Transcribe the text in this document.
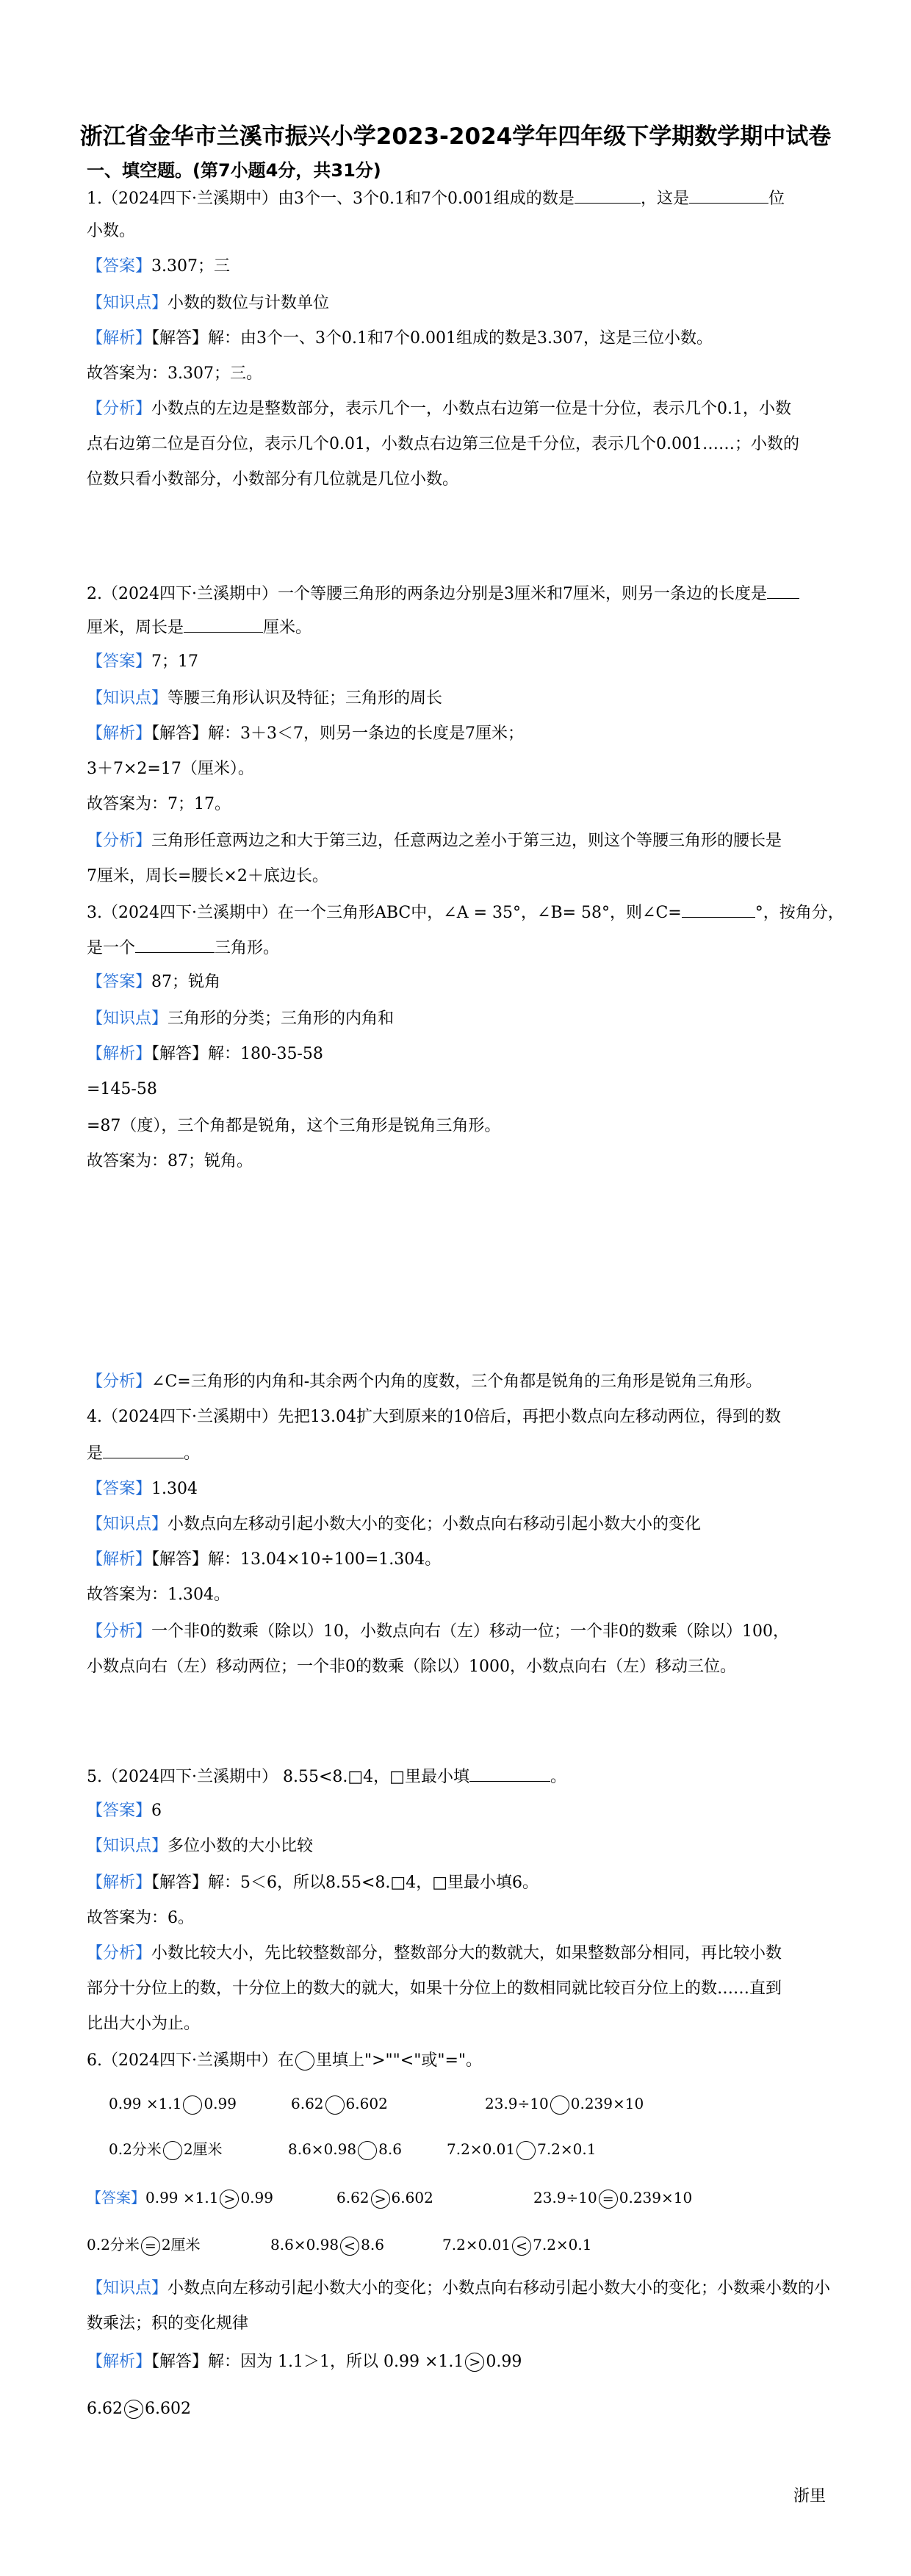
浙江省金华市兰溪市振兴小学2023-2024学年四年级下学期数学期中试卷
一、填空题。(第7小题4分，共31分)
1.（2024四下·兰溪期中）由3个一、3个0.1和7个0.001组成的数是	，这是	位
小数。
【答案】3.307；三
【知识点】小数的数位与计数单位
【解析】【解答】解：由3个一、3个0.1和7个0.001组成的数是3.307，这是三位小数。
故答案为：3.307；三。
【分析】小数点的左边是整数部分，表示几个一，小数点右边第一位是十分位，表示几个0.1，小数
点右边第二位是百分位，表示几个0.01，小数点右边第三位是千分位，表示几个0.001……；小数的
位数只看小数部分，小数部分有几位就是几位小数。
2.（2024四下·兰溪期中）一个等腰三角形的两条边分别是3厘米和7厘米，则另一条边的长度是
厘米，周长是	厘米。
【答案】7；17
【知识点】等腰三角形认识及特征；三角形的周长
【解析】【解答】解：3＋3＜7，则另一条边的长度是7厘米；
3＋7×2=17（厘米）。
故答案为：7；17。
【分析】三角形任意两边之和大于第三边，任意两边之差小于第三边，则这个等腰三角形的腰长是
7厘米，周长=腰长×2＋底边长。
3.（2024四下·兰溪期中）在一个三角形ABC中，∠A = 35°，∠B= 58°，则∠C=	°，按角分，
是一个	三角形。
【答案】87；锐角
【知识点】三角形的分类；三角形的内角和
【解析】【解答】解：180-35-58
=145-58
=87（度），三个角都是锐角，这个三角形是锐角三角形。
故答案为：87；锐角。
【分析】∠C=三角形的内角和-其余两个内角的度数，三个角都是锐角的三角形是锐角三角形。
4.（2024四下·兰溪期中）先把13.04扩大到原来的10倍后，再把小数点向左移动两位，得到的数
是	。
【答案】1.304
【知识点】小数点向左移动引起小数大小的变化；小数点向右移动引起小数大小的变化
【解析】【解答】解：13.04×10÷100=1.304。
故答案为：1.304。
【分析】一个非0的数乘（除以）10，小数点向右（左）移动一位；一个非0的数乘（除以）100，
小数点向右（左）移动两位；一个非0的数乘（除以）1000，小数点向右（左）移动三位。
5.（2024四下·兰溪期中） 8.55<8.□4，□里最小填	。
【答案】6
【知识点】多位小数的大小比较
【解析】【解答】解：5＜6，所以8.55<8.□4，□里最小填6。
故答案为：6。
【分析】小数比较大小，先比较整数部分，整数部分大的数就大，如果整数部分相同，再比较小数
部分十分位上的数，十分位上的数大的就大，如果十分位上的数相同就比较百分位上的数……直到
比出大小为止。
6.（2024四下·兰溪期中）在 里填上">""<"或"="。
0.99 ×1.1 0.99	6.62 6.602	23.9÷10 0.239×10
0.2分米 2厘米	8.6×0.98 8.6	7.2×0.01 7.2×0.1
【答案】0.99 ×1.1 > 0.99	6.62 > 6.602	23.9÷10 = 0.239×10
0.2分米 = 2厘米	8.6×0.98 < 8.6	7.2×0.01 < 7.2×0.1
【知识点】小数点向左移动引起小数大小的变化；小数点向右移动引起小数大小的变化；小数乘小数的小
数乘法；积的变化规律
【解析】【解答】解：因为 1.1＞1，所以 0.99 ×1.1 > 0.99
6.62 > 6.602
浙里
